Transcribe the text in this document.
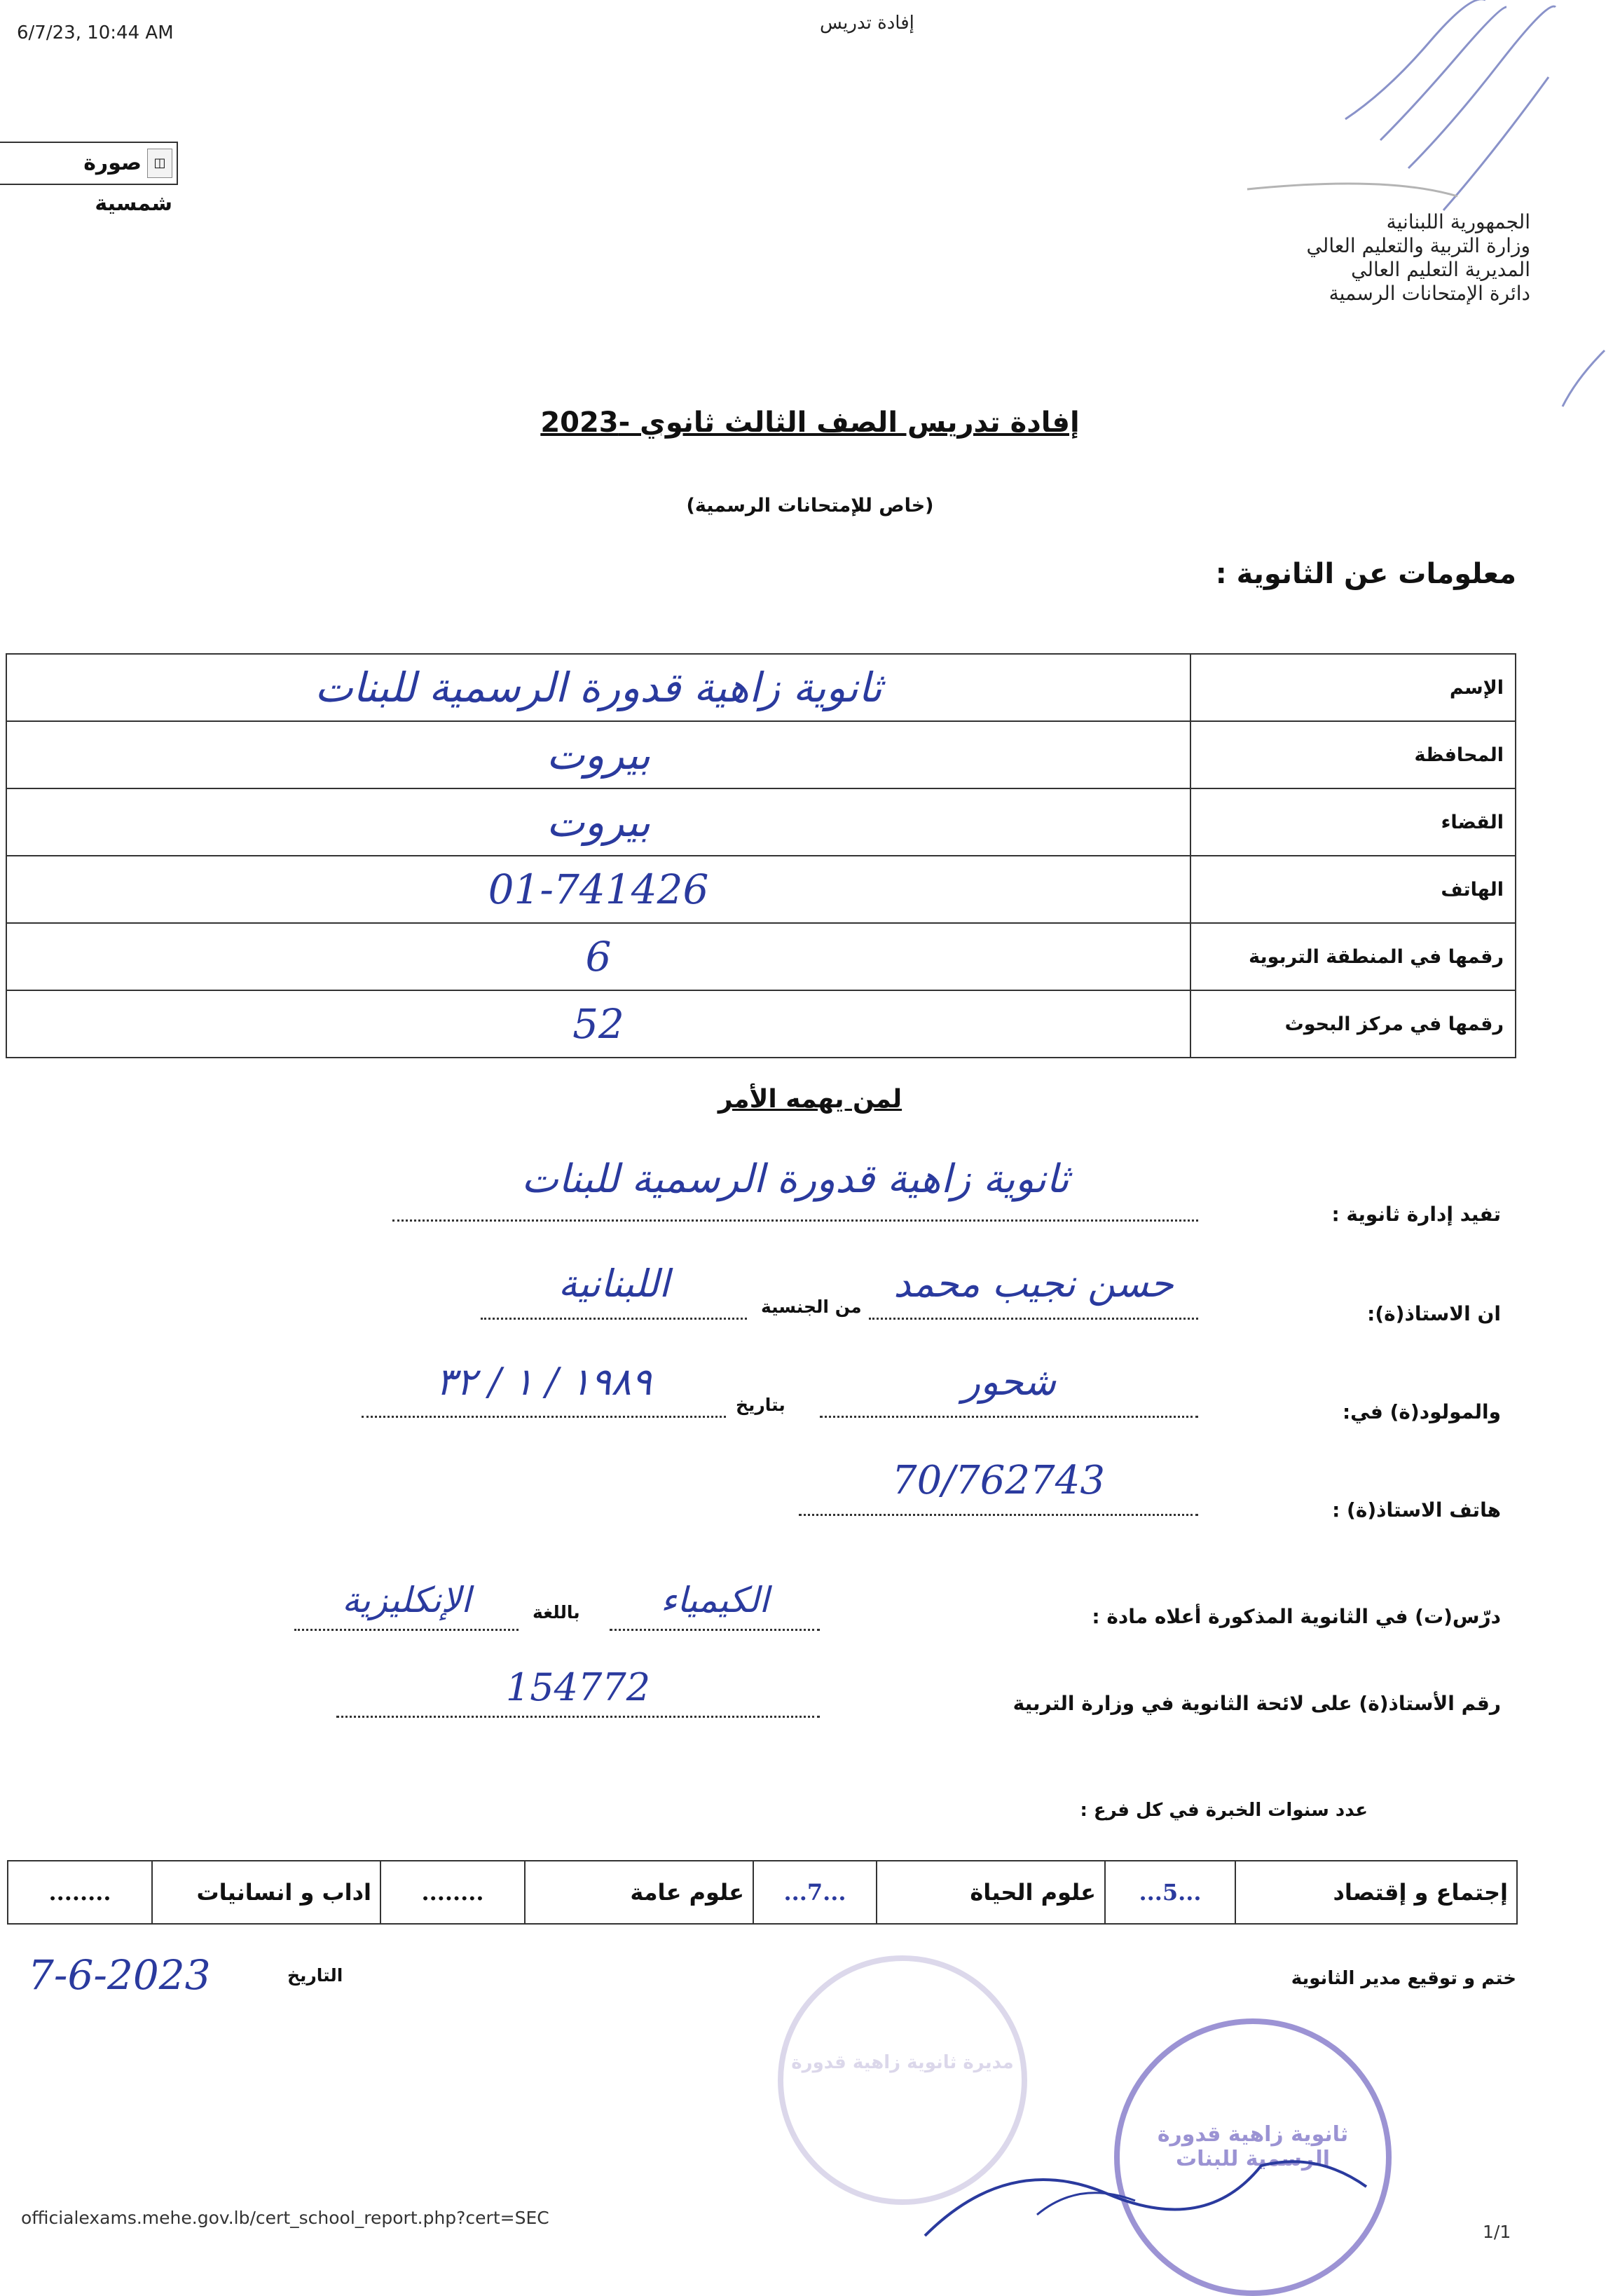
6/7/23, 10:44 AM	إفادة تدريس
◫
صورة شمسية
الجمهورية اللبنانية
وزارة التربية والتعليم العالي
المديرية التعليم العالي
دائرة الإمتحانات الرسمية
إفادة تدريس الصف الثالث ثانوي -2023
(خاص للإمتحانات الرسمية)
معلومات عن الثانوية :
ثانوية زاهية قدورة الرسمية للبنات	الإسم
بيروت	المحافظة
بيروت	القضاء
01-741426	الهاتف
6	رقمها في المنطقة التربوية
52	رقمها في مركز البحوث
لمن يهمه الأمر
تفيد إدارة ثانوية :
ثانوية زاهية قدورة الرسمية للبنات
ان الاستاذ(ة):
حسن نجيب محمد
من الجنسية
اللبنانية
والمولود(ة) في:
شحور
بتاريخ
١٩٨٩ / ١ / ٣٢
هاتف الاستاذ(ة) :
70/762743
درّس(ت) في الثانوية المذكورة أعلاه مادة :
الكيمياء
باللغة
الإنكليزية
رقم الأستاذ(ة) على لائحة الثانوية في وزارة التربية
154772
عدد سنوات الخبرة في كل فرع :
........	اداب و انسانيات	........	علوم عامة	...7...	علوم الحياة	...5...	إجتماع و إقتصاد
ختم و توقيع مدير الثانوية
التاريخ
7-6-2023
مديرة ثانوية زاهية قدورة
ثانوية زاهية قدورة الرسمية للبنات
officialexams.mehe.gov.lb/cert_school_report.php?cert=SEC
1/1
